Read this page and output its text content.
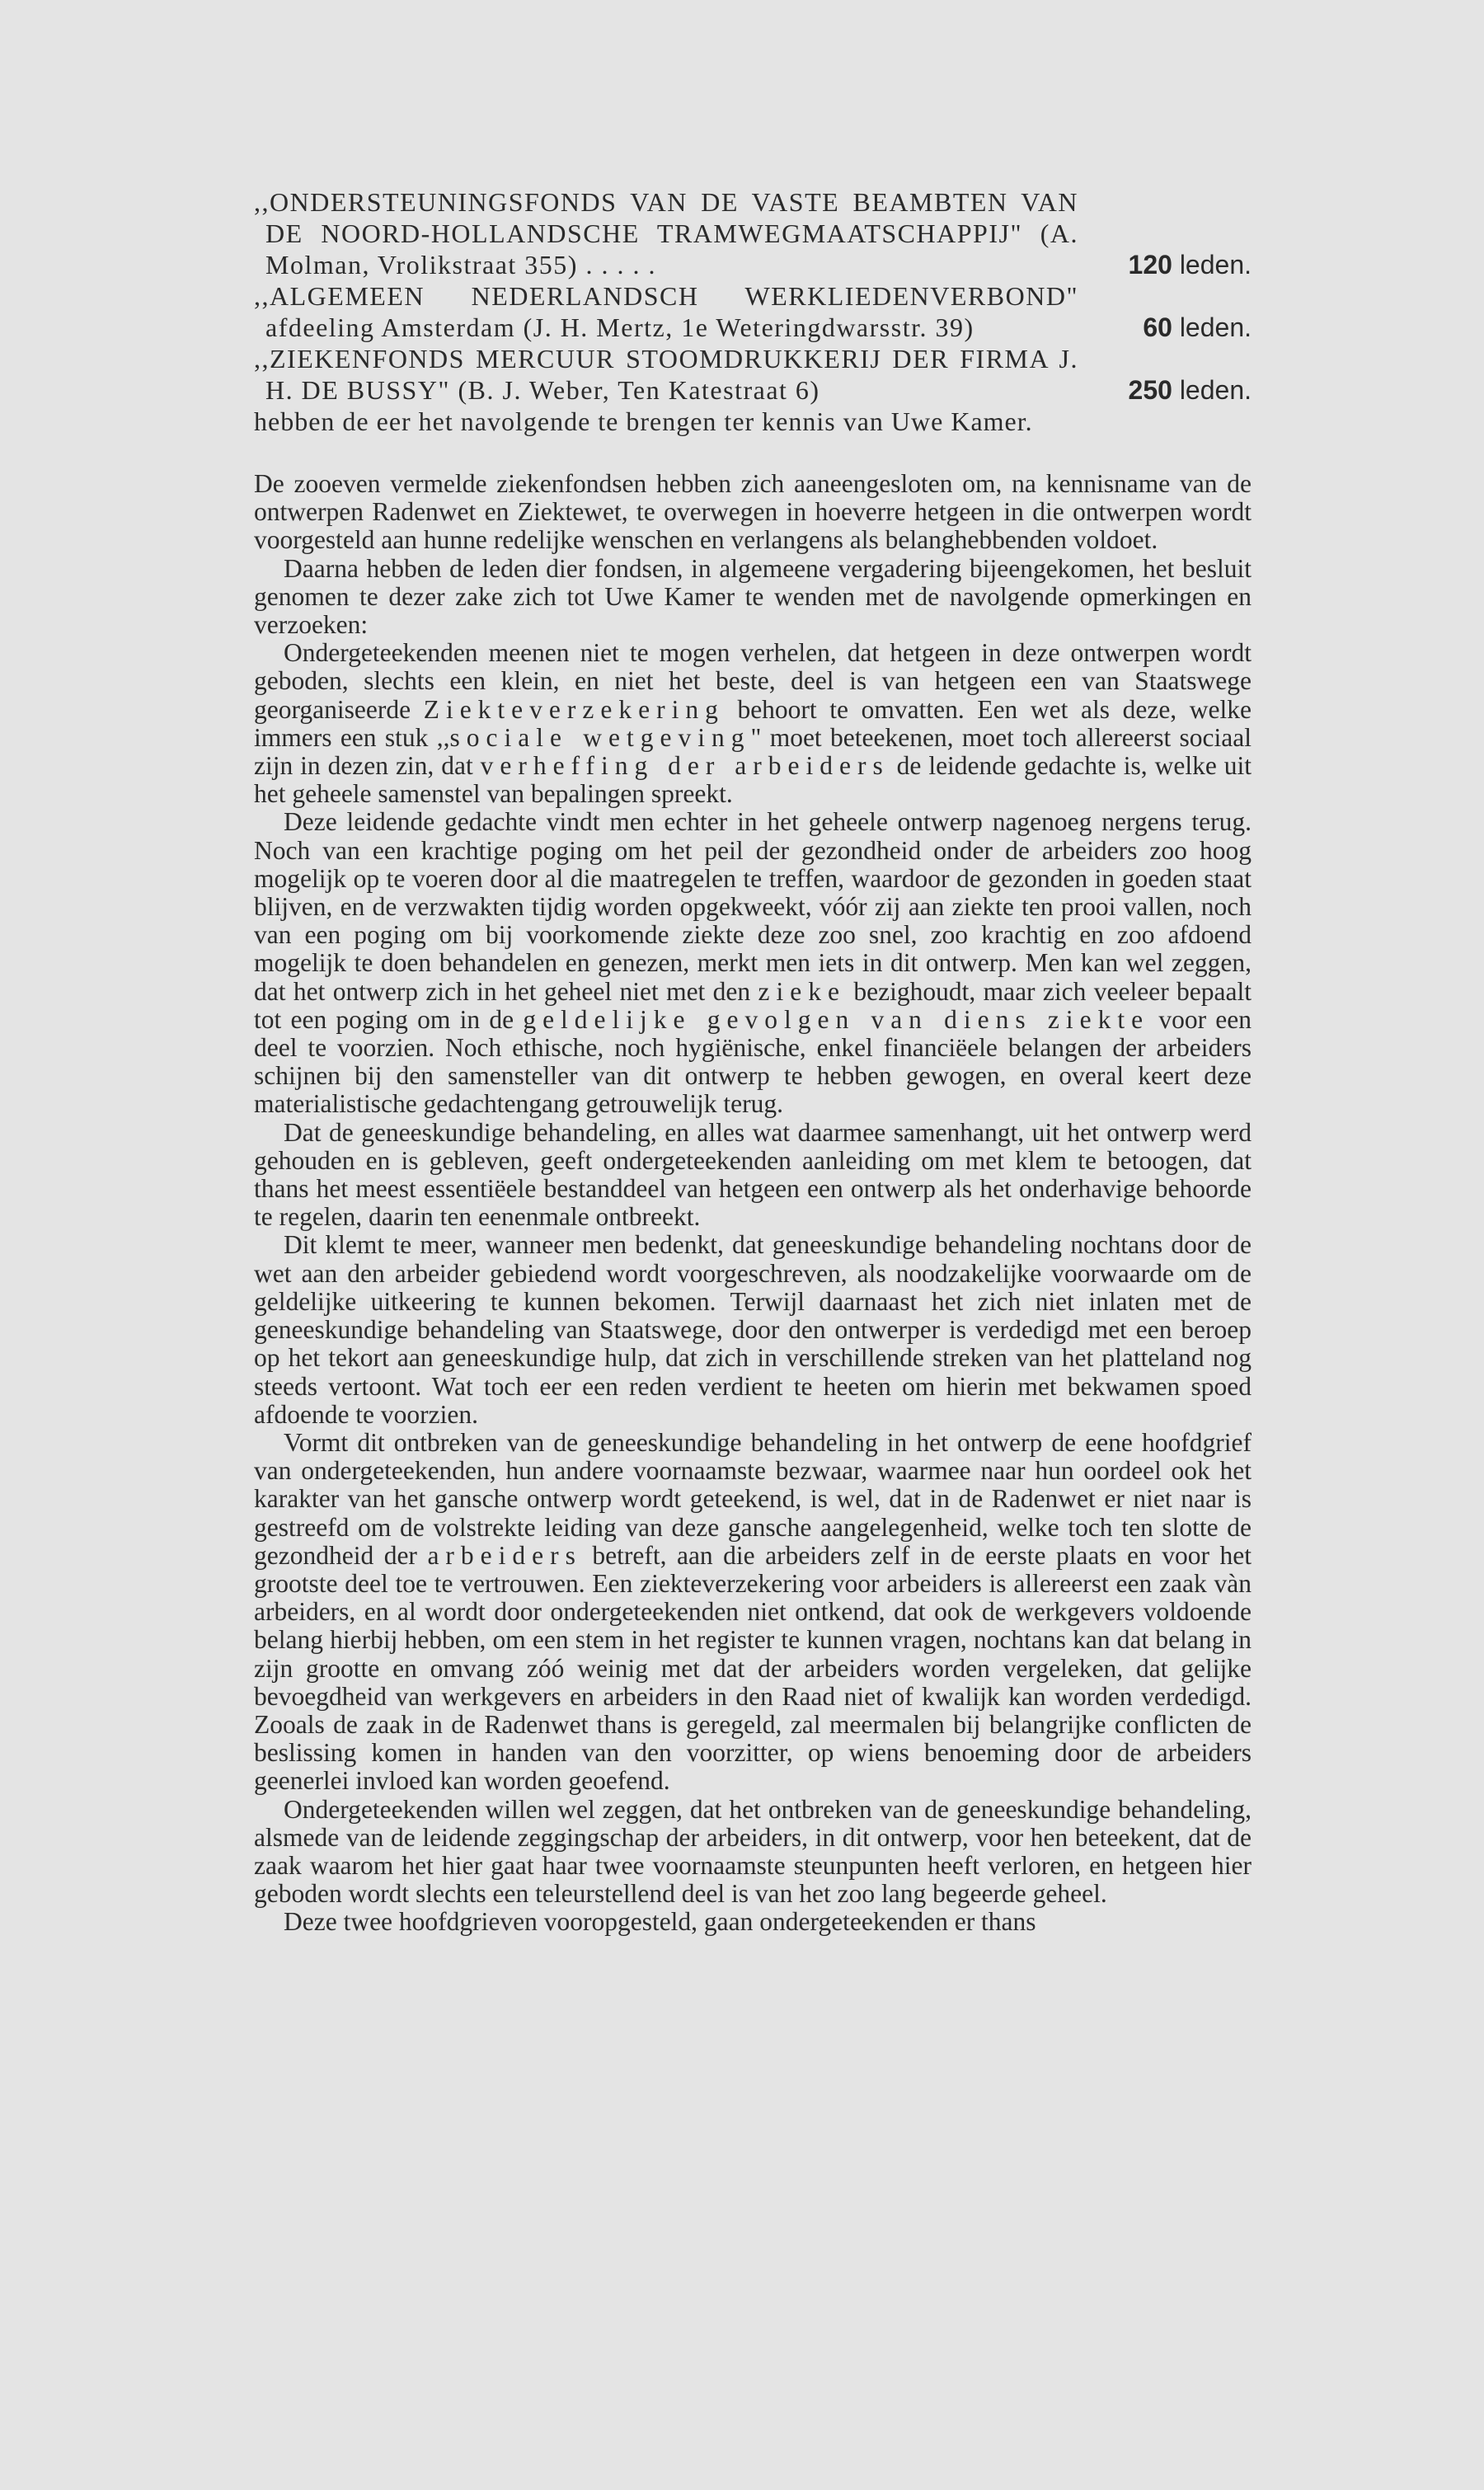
,,ONDERSTEUNINGSFONDS VAN DE VASTE BEAMBTEN VAN DE NOORD-HOLLANDSCHE TRAMWEGMAATSCHAPPIJ" (A. Molman, Vrolikstraat 355) . . . . .	120 leden.
,,ALGEMEEN NEDERLANDSCH WERKLIEDENVERBOND" afdeeling Amsterdam (J. H. Mertz, 1e Weteringdwarsstr. 39)	60 leden.
,,ZIEKENFONDS MERCUUR STOOMDRUKKERIJ DER FIRMA J. H. DE BUSSY" (B. J. Weber, Ten Katestraat 6)	250 leden.
hebben de eer het navolgende te brengen ter kennis van Uwe Kamer.

De zooeven vermelde ziekenfondsen hebben zich aaneengesloten om, na kennisname van de ontwerpen Radenwet en Ziektewet, te overwegen in hoeverre hetgeen in die ontwerpen wordt voorgesteld aan hunne redelijke wenschen en verlangens als belanghebbenden voldoet.

Daarna hebben de leden dier fondsen, in algemeene vergadering bijeengekomen, het besluit genomen te dezer zake zich tot Uwe Kamer te wenden met de navolgende opmerkingen en verzoeken:

Ondergeteekenden meenen niet te mogen verhelen, dat hetgeen in deze ontwerpen wordt geboden, slechts een klein, en niet het beste, deel is van hetgeen een van Staatswege georganiseerde Ziekteverzekering behoort te omvatten. Een wet als deze, welke immers een stuk ,,sociale wetgeving" moet beteekenen, moet toch allereerst sociaal zijn in dezen zin, dat verheffing der arbeiders de leidende gedachte is, welke uit het geheele samenstel van bepalingen spreekt.

Deze leidende gedachte vindt men echter in het geheele ontwerp nagenoeg nergens terug. Noch van een krachtige poging om het peil der gezondheid onder de arbeiders zoo hoog mogelijk op te voeren door al die maatregelen te treffen, waardoor de gezonden in goeden staat blijven, en de verzwakten tijdig worden opgekweekt, vóór zij aan ziekte ten prooi vallen, noch van een poging om bij voorkomende ziekte deze zoo snel, zoo krachtig en zoo afdoend mogelijk te doen behandelen en genezen, merkt men iets in dit ontwerp. Men kan wel zeggen, dat het ontwerp zich in het geheel niet met den zieke bezighoudt, maar zich veeleer bepaalt tot een poging om in de geldelijke gevolgen van diens ziekte voor een deel te voorzien. Noch ethische, noch hygiënische, enkel financiëele belangen der arbeiders schijnen bij den samensteller van dit ontwerp te hebben gewogen, en overal keert deze materialistische gedachtengang getrouwelijk terug.

Dat de geneeskundige behandeling, en alles wat daarmee samenhangt, uit het ontwerp werd gehouden en is gebleven, geeft ondergeteekenden aanleiding om met klem te betoogen, dat thans het meest essentiëele bestanddeel van hetgeen een ontwerp als het onderhavige behoorde te regelen, daarin ten eenenmale ontbreekt.

Dit klemt te meer, wanneer men bedenkt, dat geneeskundige behandeling nochtans door de wet aan den arbeider gebiedend wordt voorgeschreven, als noodzakelijke voorwaarde om de geldelijke uitkeering te kunnen bekomen. Terwijl daarnaast het zich niet inlaten met de geneeskundige behandeling van Staatswege, door den ontwerper is verdedigd met een beroep op het tekort aan geneeskundige hulp, dat zich in verschillende streken van het platteland nog steeds vertoont. Wat toch eer een reden verdient te heeten om hierin met bekwamen spoed afdoende te voorzien.

Vormt dit ontbreken van de geneeskundige behandeling in het ontwerp de eene hoofdgrief van ondergeteekenden, hun andere voornaamste bezwaar, waarmee naar hun oordeel ook het karakter van het gansche ontwerp wordt geteekend, is wel, dat in de Radenwet er niet naar is gestreefd om de volstrekte leiding van deze gansche aangelegenheid, welke toch ten slotte de gezondheid der arbeiders betreft, aan die arbeiders zelf in de eerste plaats en voor het grootste deel toe te vertrouwen. Een ziekteverzekering voor arbeiders is allereerst een zaak vàn arbeiders, en al wordt door ondergeteekenden niet ontkend, dat ook de werkgevers voldoende belang hierbij hebben, om een stem in het register te kunnen vragen, nochtans kan dat belang in zijn grootte en omvang zóó weinig met dat der arbeiders worden vergeleken, dat gelijke bevoegdheid van werkgevers en arbeiders in den Raad niet of kwalijk kan worden verdedigd. Zooals de zaak in de Radenwet thans is geregeld, zal meermalen bij belangrijke conflicten de beslissing komen in handen van den voorzitter, op wiens benoeming door de arbeiders geenerlei invloed kan worden geoefend.

Ondergeteekenden willen wel zeggen, dat het ontbreken van de geneeskundige behandeling, alsmede van de leidende zeggingschap der arbeiders, in dit ontwerp, voor hen beteekent, dat de zaak waarom het hier gaat haar twee voornaamste steunpunten heeft verloren, en hetgeen hier geboden wordt slechts een teleurstellend deel is van het zoo lang begeerde geheel.

Deze twee hoofdgrieven vooropgesteld, gaan ondergeteekenden er thans
